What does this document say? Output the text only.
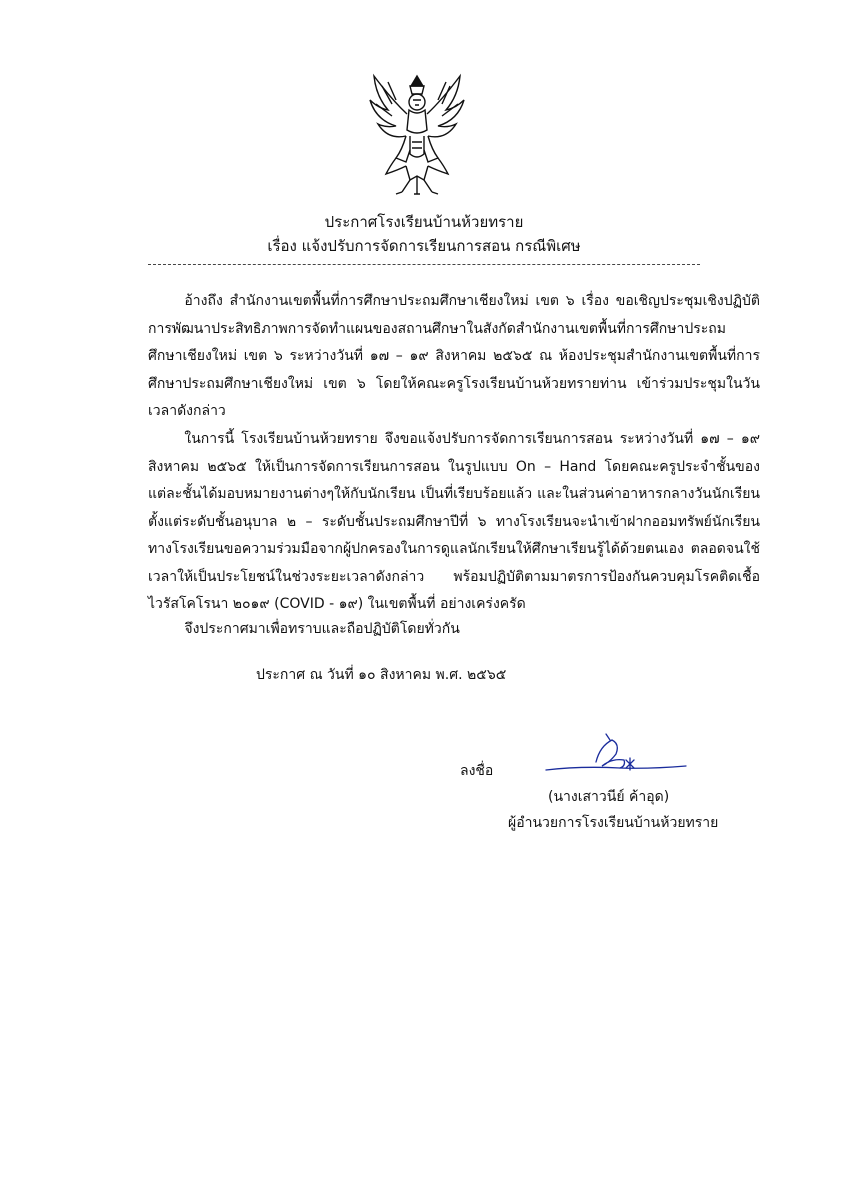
ประกาศโรงเรียนบ้านห้วยทราย
เรื่อง แจ้งปรับการจัดการเรียนการสอน กรณีพิเศษ

อ้างถึง สำนักงานเขตพื้นที่การศึกษาประถมศึกษาเชียงใหม่ เขต ๖ เรื่อง ขอเชิญประชุมเชิงปฏิบัติการพัฒนาประสิทธิภาพการจัดทำแผนของสถานศึกษาในสังกัดสำนักงานเขตพื้นที่การศึกษาประถมศึกษาเชียงใหม่ เขต ๖ ระหว่างวันที่ ๑๗ – ๑๙ สิงหาคม ๒๕๖๕ ณ ห้องประชุมสำนักงานเขตพื้นที่การศึกษาประถมศึกษาเชียงใหม่ เขต ๖ โดยให้คณะครูโรงเรียนบ้านห้วยทรายท่าน เข้าร่วมประชุมในวันเวลาดังกล่าว

ในการนี้ โรงเรียนบ้านห้วยทราย จึงขอแจ้งปรับการจัดการเรียนการสอน ระหว่างวันที่ ๑๗ – ๑๙ สิงหาคม ๒๕๖๕ ให้เป็นการจัดการเรียนการสอน ในรูปแบบ On – Hand โดยคณะครูประจำชั้นของแต่ละชั้นได้มอบหมายงานต่างๆให้กับนักเรียน เป็นที่เรียบร้อยแล้ว และในส่วนค่าอาหารกลางวันนักเรียน ตั้งแต่ระดับชั้นอนุบาล ๒ – ระดับชั้นประถมศึกษาปีที่ ๖ ทางโรงเรียนจะนำเข้าฝากออมทรัพย์นักเรียน ทางโรงเรียนขอความร่วมมือจากผู้ปกครองในการดูแลนักเรียนให้ศึกษาเรียนรู้ได้ด้วยตนเอง ตลอดจนใช้เวลาให้เป็นประโยชน์ในช่วงระยะเวลาดังกล่าว พร้อมปฏิบัติตามมาตรการป้องกันควบคุมโรคติดเชื้อไวรัสโคโรนา ๒๐๑๙ (COVID - ๑๙) ในเขตพื้นที่ อย่างเคร่งครัด

จึงประกาศมาเพื่อทราบและถือปฏิบัติโดยทั่วกัน

ประกาศ ณ วันที่ ๑๐ สิงหาคม พ.ศ. ๒๕๖๕
ลงชื่อ
(นางเสาวนีย์ ค้าอุด)
ผู้อำนวยการโรงเรียนบ้านห้วยทราย
